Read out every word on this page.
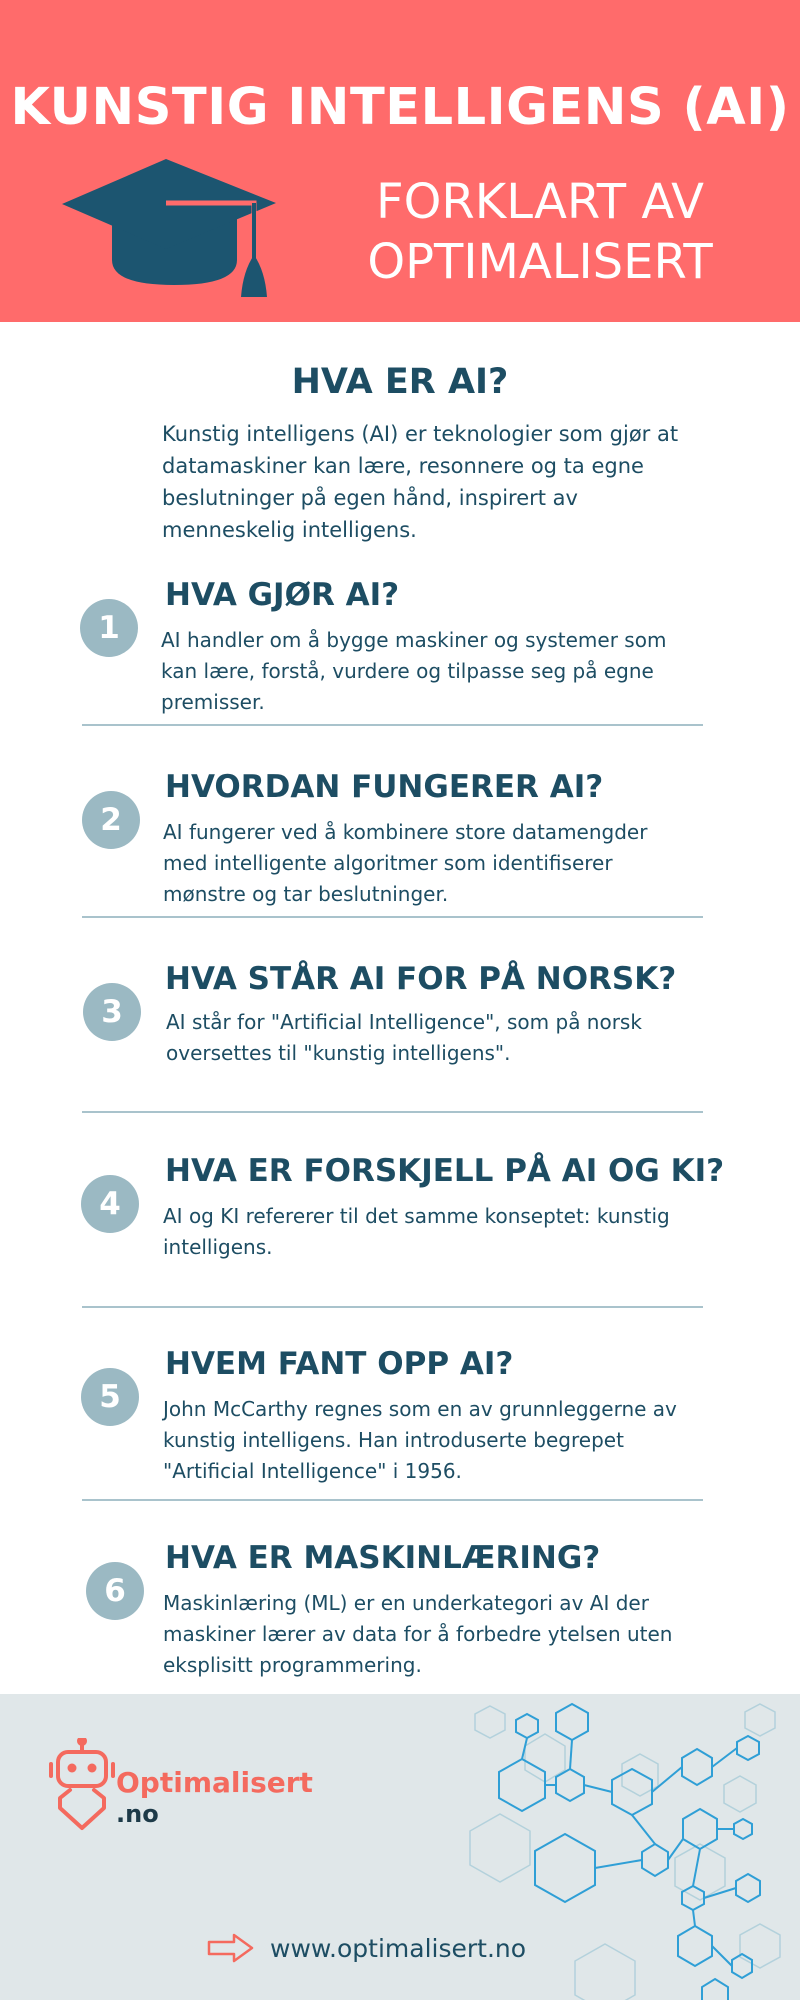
KUNSTIG INTELLIGENS (AI)
FORKLART AV
OPTIMALISERT
HVA ER AI?
Kunstig intelligens (AI) er teknologier som gjør at
datamaskiner kan lære, resonnere og ta egne
beslutninger på egen hånd, inspirert av
menneskelig intelligens.
1
HVA GJØR AI?
AI handler om å bygge maskiner og systemer som
kan lære, forstå, vurdere og tilpasse seg på egne
premisser.
2
HVORDAN FUNGERER AI?
AI fungerer ved å kombinere store datamengder
med intelligente algoritmer som identifiserer
mønstre og tar beslutninger.
3
HVA STÅR AI FOR PÅ NORSK?
AI står for "Artificial Intelligence", som på norsk
oversettes til "kunstig intelligens".
4
HVA ER FORSKJELL PÅ AI OG KI?
AI og KI refererer til det samme konseptet: kunstig
intelligens.
5
HVEM FANT OPP AI?
John McCarthy regnes som en av grunnleggerne av
kunstig intelligens. Han introduserte begrepet
"Artificial Intelligence" i 1956.
6
HVA ER MASKINLÆRING?
Maskinlæring (ML) er en underkategori av AI der
maskiner lærer av data for å forbedre ytelsen uten
eksplisitt programmering.
Optimalisert
.no
www.optimalisert.no
